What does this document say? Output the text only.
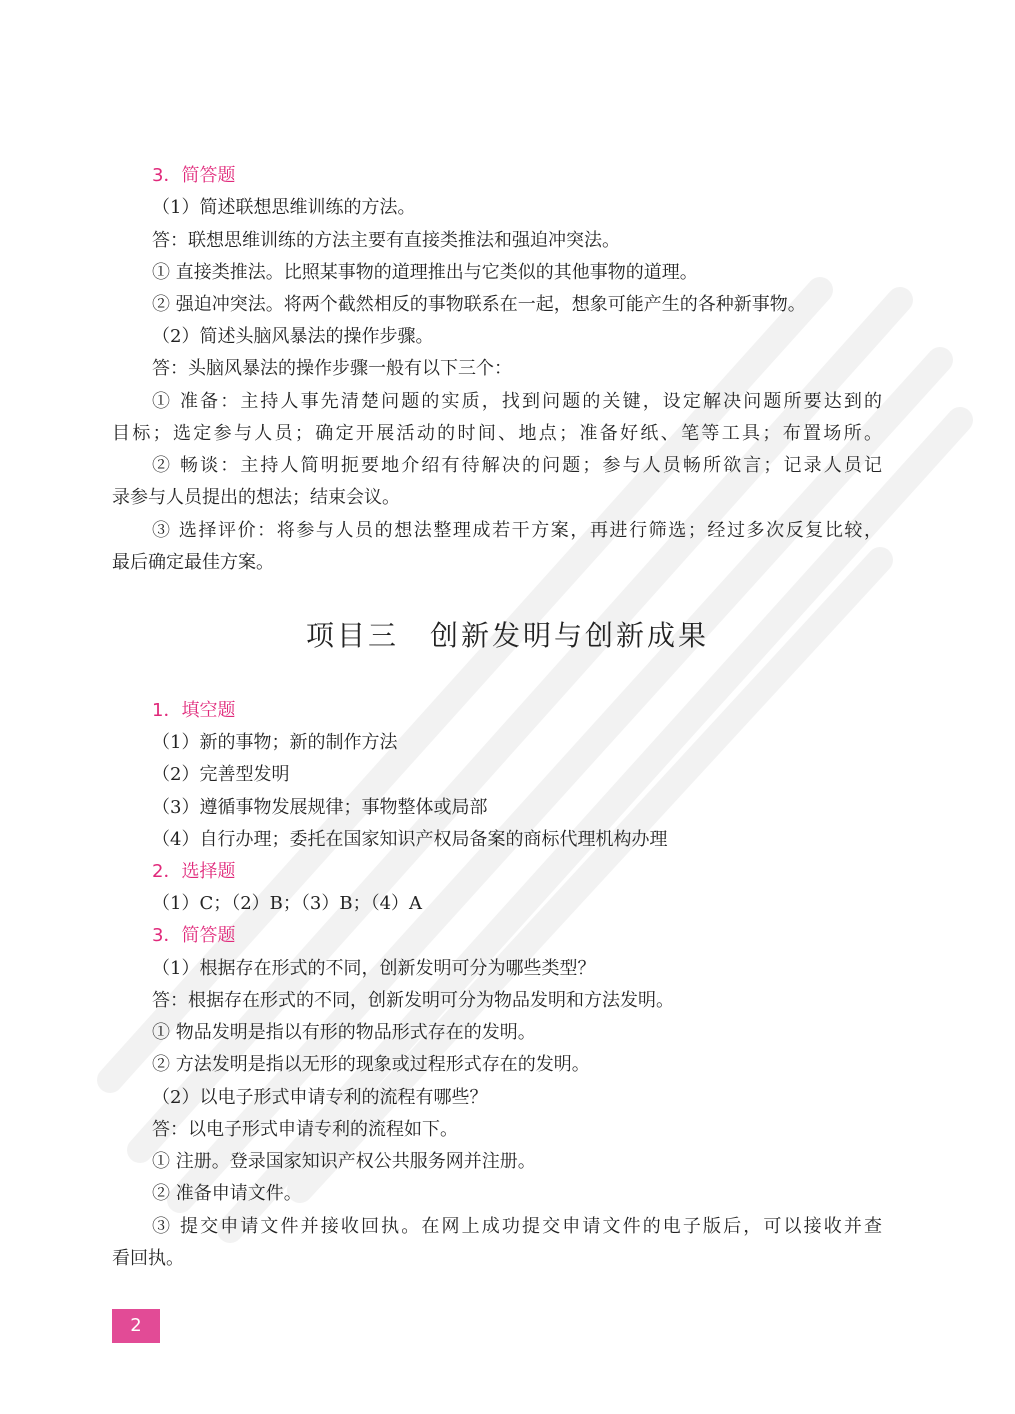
3．简答题
（1）简述联想思维训练的方法。
答：联想思维训练的方法主要有直接类推法和强迫冲突法。
① 直接类推法。比照某事物的道理推出与它类似的其他事物的道理。
② 强迫冲突法。将两个截然相反的事物联系在一起，想象可能产生的各种新事物。
（2）简述头脑风暴法的操作步骤。
答：头脑风暴法的操作步骤一般有以下三个：
① 准备：主持人事先清楚问题的实质，找到问题的关键，设定解决问题所要达到的
目标；选定参与人员；确定开展活动的时间、地点；准备好纸、笔等工具；布置场所。
② 畅谈：主持人简明扼要地介绍有待解决的问题；参与人员畅所欲言；记录人员记
录参与人员提出的想法；结束会议。
③ 选择评价：将参与人员的想法整理成若干方案，再进行筛选；经过多次反复比较，
最后确定最佳方案。
项目三　创新发明与创新成果
1．填空题
（1）新的事物；新的制作方法
（2）完善型发明
（3）遵循事物发展规律；事物整体或局部
（4）自行办理；委托在国家知识产权局备案的商标代理机构办理
2．选择题
（1）C；（2）B；（3）B；（4）A
3．简答题
（1）根据存在形式的不同，创新发明可分为哪些类型？
答：根据存在形式的不同，创新发明可分为物品发明和方法发明。
① 物品发明是指以有形的物品形式存在的发明。
② 方法发明是指以无形的现象或过程形式存在的发明。
（2）以电子形式申请专利的流程有哪些？
答：以电子形式申请专利的流程如下。
① 注册。登录国家知识产权公共服务网并注册。
② 准备申请文件。
③ 提交申请文件并接收回执。在网上成功提交申请文件的电子版后，可以接收并查
看回执。
2
